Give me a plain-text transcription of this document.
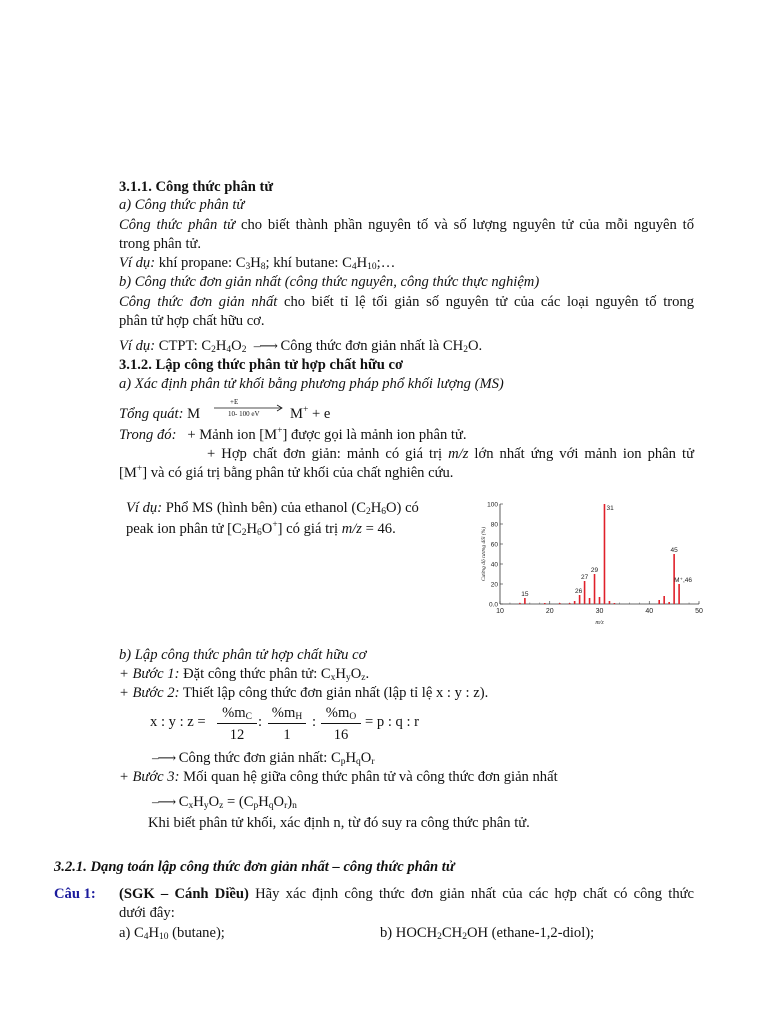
3.1.1. Công thức phân tử
a) Công thức phân tử
Công thức phân tử cho biết thành phần nguyên tố và số lượng nguyên tử của mỗi nguyên tố
trong phân tử.
Ví dụ: khí propane: $C_3H_8$; khí butane: $C_4H_{10};\dots$
b) Công thức đơn giản nhất (công thức nguyên, công thức thực nghiệm)
Công thức đơn giản nhất cho biết tỉ lệ tối giản số nguyên tử của các loại nguyên tố trong
phân tử hợp chất hữu cơ.
Ví dụ: CTPT: $C_2H_4O_2$ –⟶ Công thức đơn giản nhất là $CH_2O$.
3.1.2. Lập công thức phân tử hợp chất hữu cơ
a) Xác định phân tử khối bằng phương pháp phổ khối lượng (MS)
Tổng quát: M
+E
10- 100 eV M+ + e
Trong đó: + Mảnh ion [M+] được gọi là mảnh ion phân tử.
+ Hợp chất đơn giản: mảnh có giá trị m/z lớn nhất ứng với mảnh ion phân tử
[M+] và có giá trị bằng phân tử khối của chất nghiên cứu.
Ví dụ: Phổ MS (hình bên) của ethanol $(C_2H_6O)$ có
peak ion phân tử $[C_2H_6O^+]$ có giá trị m/z = 46.
0.0
20
40
60
80
100
10	20	30	40	50
15	26
27
29
31
45
M⁺,46
m/z
Cường độ tương đối (%)
b) Lập công thức phân tử hợp chất hữu cơ
+ Bước 1: Đặt công thức phân tử: $C_xH_yO_z$.
+ Bước 2: Thiết lập công thức đơn giản nhất (lập tỉ lệ x : y : z).
x : y : $z = \frac{\%m_C}{12}$ : $\frac{\%m_H}{1}$ : $\frac{\%m_O}{16} = p$ : q : r
–⟶ Công thức đơn giản nhất: $C_pH_qO_r$
+ Bước 3: Mối quan hệ giữa công thức phân tử và công thức đơn giản nhất
–⟶ $C_xH_yO_z = (C_pH_qO_r)_n$
Khi biết phân tử khối, xác định n, từ đó suy ra công thức phân tử.
3.2.1. Dạng toán lập công thức đơn giản nhất – công thức phân tử
Câu 1: (SGK – Cánh Diều) Hãy xác định công thức đơn giản nhất của các hợp chất có công thức
dưới đây:
a) $C_4H_{10}$ (butane);	b) $HOCH_2CH_2OH$ (ethane-1,2-diol);
